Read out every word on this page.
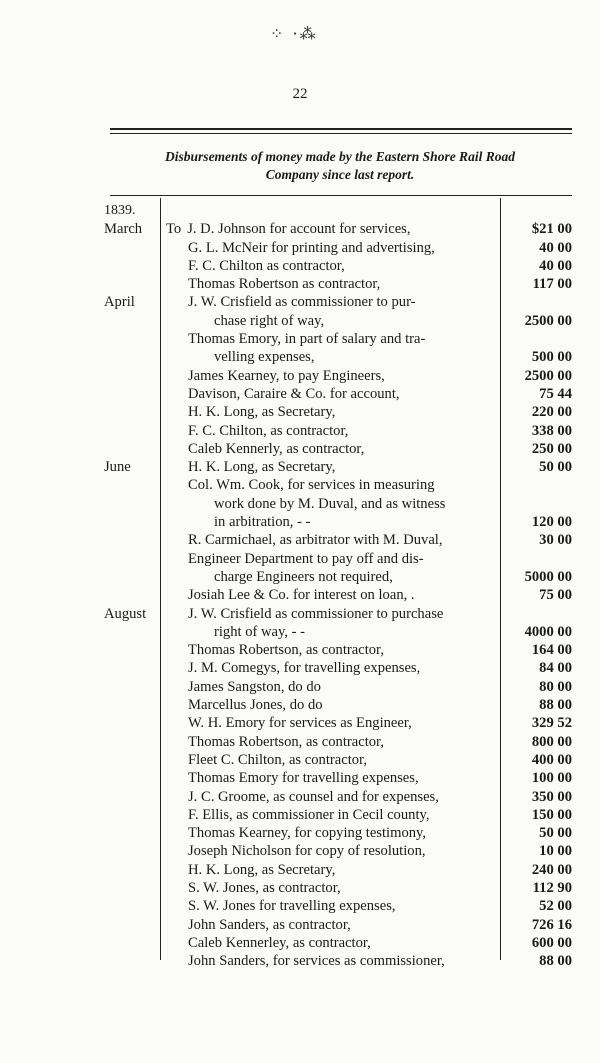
⁘ ·⁂
22
Disbursements of money made by the Eastern Shore Rail Road
Company since last report.
1839.
March	To J. D. Johnson for account for services,	$21 00
G. L. McNeir for printing and advertising,	40 00
F. C. Chilton as contractor,	40 00
Thomas Robertson as contractor,	117 00
April	J. W. Crisfield as commissioner to pur-
chase right of way,	2500 00
Thomas Emory, in part of salary and tra-
velling expenses,	500 00
James Kearney, to pay Engineers,	2500 00
Davison, Caraire & Co. for account,	75 44
H. K. Long, as Secretary,	220 00
F. C. Chilton, as contractor,	338 00
Caleb Kennerly, as contractor,	250 00
June	H. K. Long, as Secretary,	50 00
Col. Wm. Cook, for services in measuring
work done by M. Duval, and as witness
in arbitration, - -	120 00
R. Carmichael, as arbitrator with M. Duval,	30 00
Engineer Department to pay off and dis-
charge Engineers not required,	5000 00
Josiah Lee & Co. for interest on loan, .	75 00
August	J. W. Crisfield as commissioner to purchase
right of way, - -	4000 00
Thomas Robertson, as contractor,	164 00
J. M. Comegys, for travelling expenses,	84 00
James Sangston, do do	80 00
Marcellus Jones, do do	88 00
W. H. Emory for services as Engineer,	329 52
Thomas Robertson, as contractor,	800 00
Fleet C. Chilton, as contractor,	400 00
Thomas Emory for travelling expenses,	100 00
J. C. Groome, as counsel and for expenses,	350 00
F. Ellis, as commissioner in Cecil county,	150 00
Thomas Kearney, for copying testimony,	50 00
Joseph Nicholson for copy of resolution,	10 00
H. K. Long, as Secretary,	240 00
S. W. Jones, as contractor,	112 90
S. W. Jones for travelling expenses,	52 00
John Sanders, as contractor,	726 16
Caleb Kennerley, as contractor,	600 00
John Sanders, for services as commissioner,	88 00
